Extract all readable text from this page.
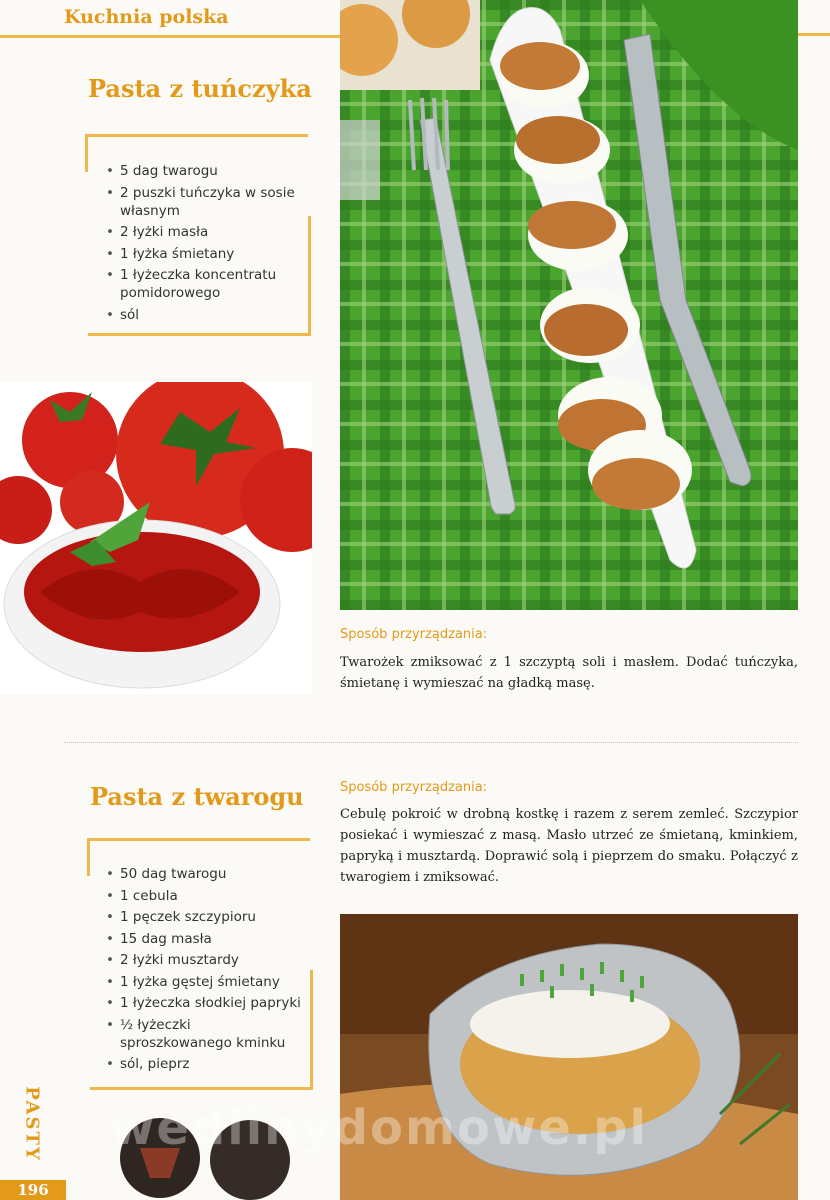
Kuchnia polska
Pasta z tuńczyka
• 5 dag twarogu
• 2 puszki tuńczyka w sosie własnym
• 2 łyżki masła
• 1 łyżka śmietany
• 1 łyżeczka koncentratu pomidorowego
• sól
Sposób przyrządzania:
Twarożek zmiksować z 1 szczyptą soli i masłem. Dodać tuńczyka, śmietanę i wymieszać na gładką masę.
Pasta z twarogu
• 50 dag twarogu
• 1 cebula
• 1 pęczek szczypioru
• 15 dag masła
• 2 łyżki musztardy
• 1 łyżka gęstej śmietany
• 1 łyżeczka słodkiej papryki
• ½ łyżeczki sproszkowanego kminku
• sól, pieprz
Sposób przyrządzania:
Cebulę pokroić w drobną kostkę i razem z serem zemleć. Szczypior posiekać i wymieszać z masą. Masło utrzeć ze śmietaną, kminkiem, papryką i musztardą. Doprawić solą i pieprzem do smaku. Połączyć z twarogiem i zmiksować.
wedlinydomowe.pl
PASTY
196
